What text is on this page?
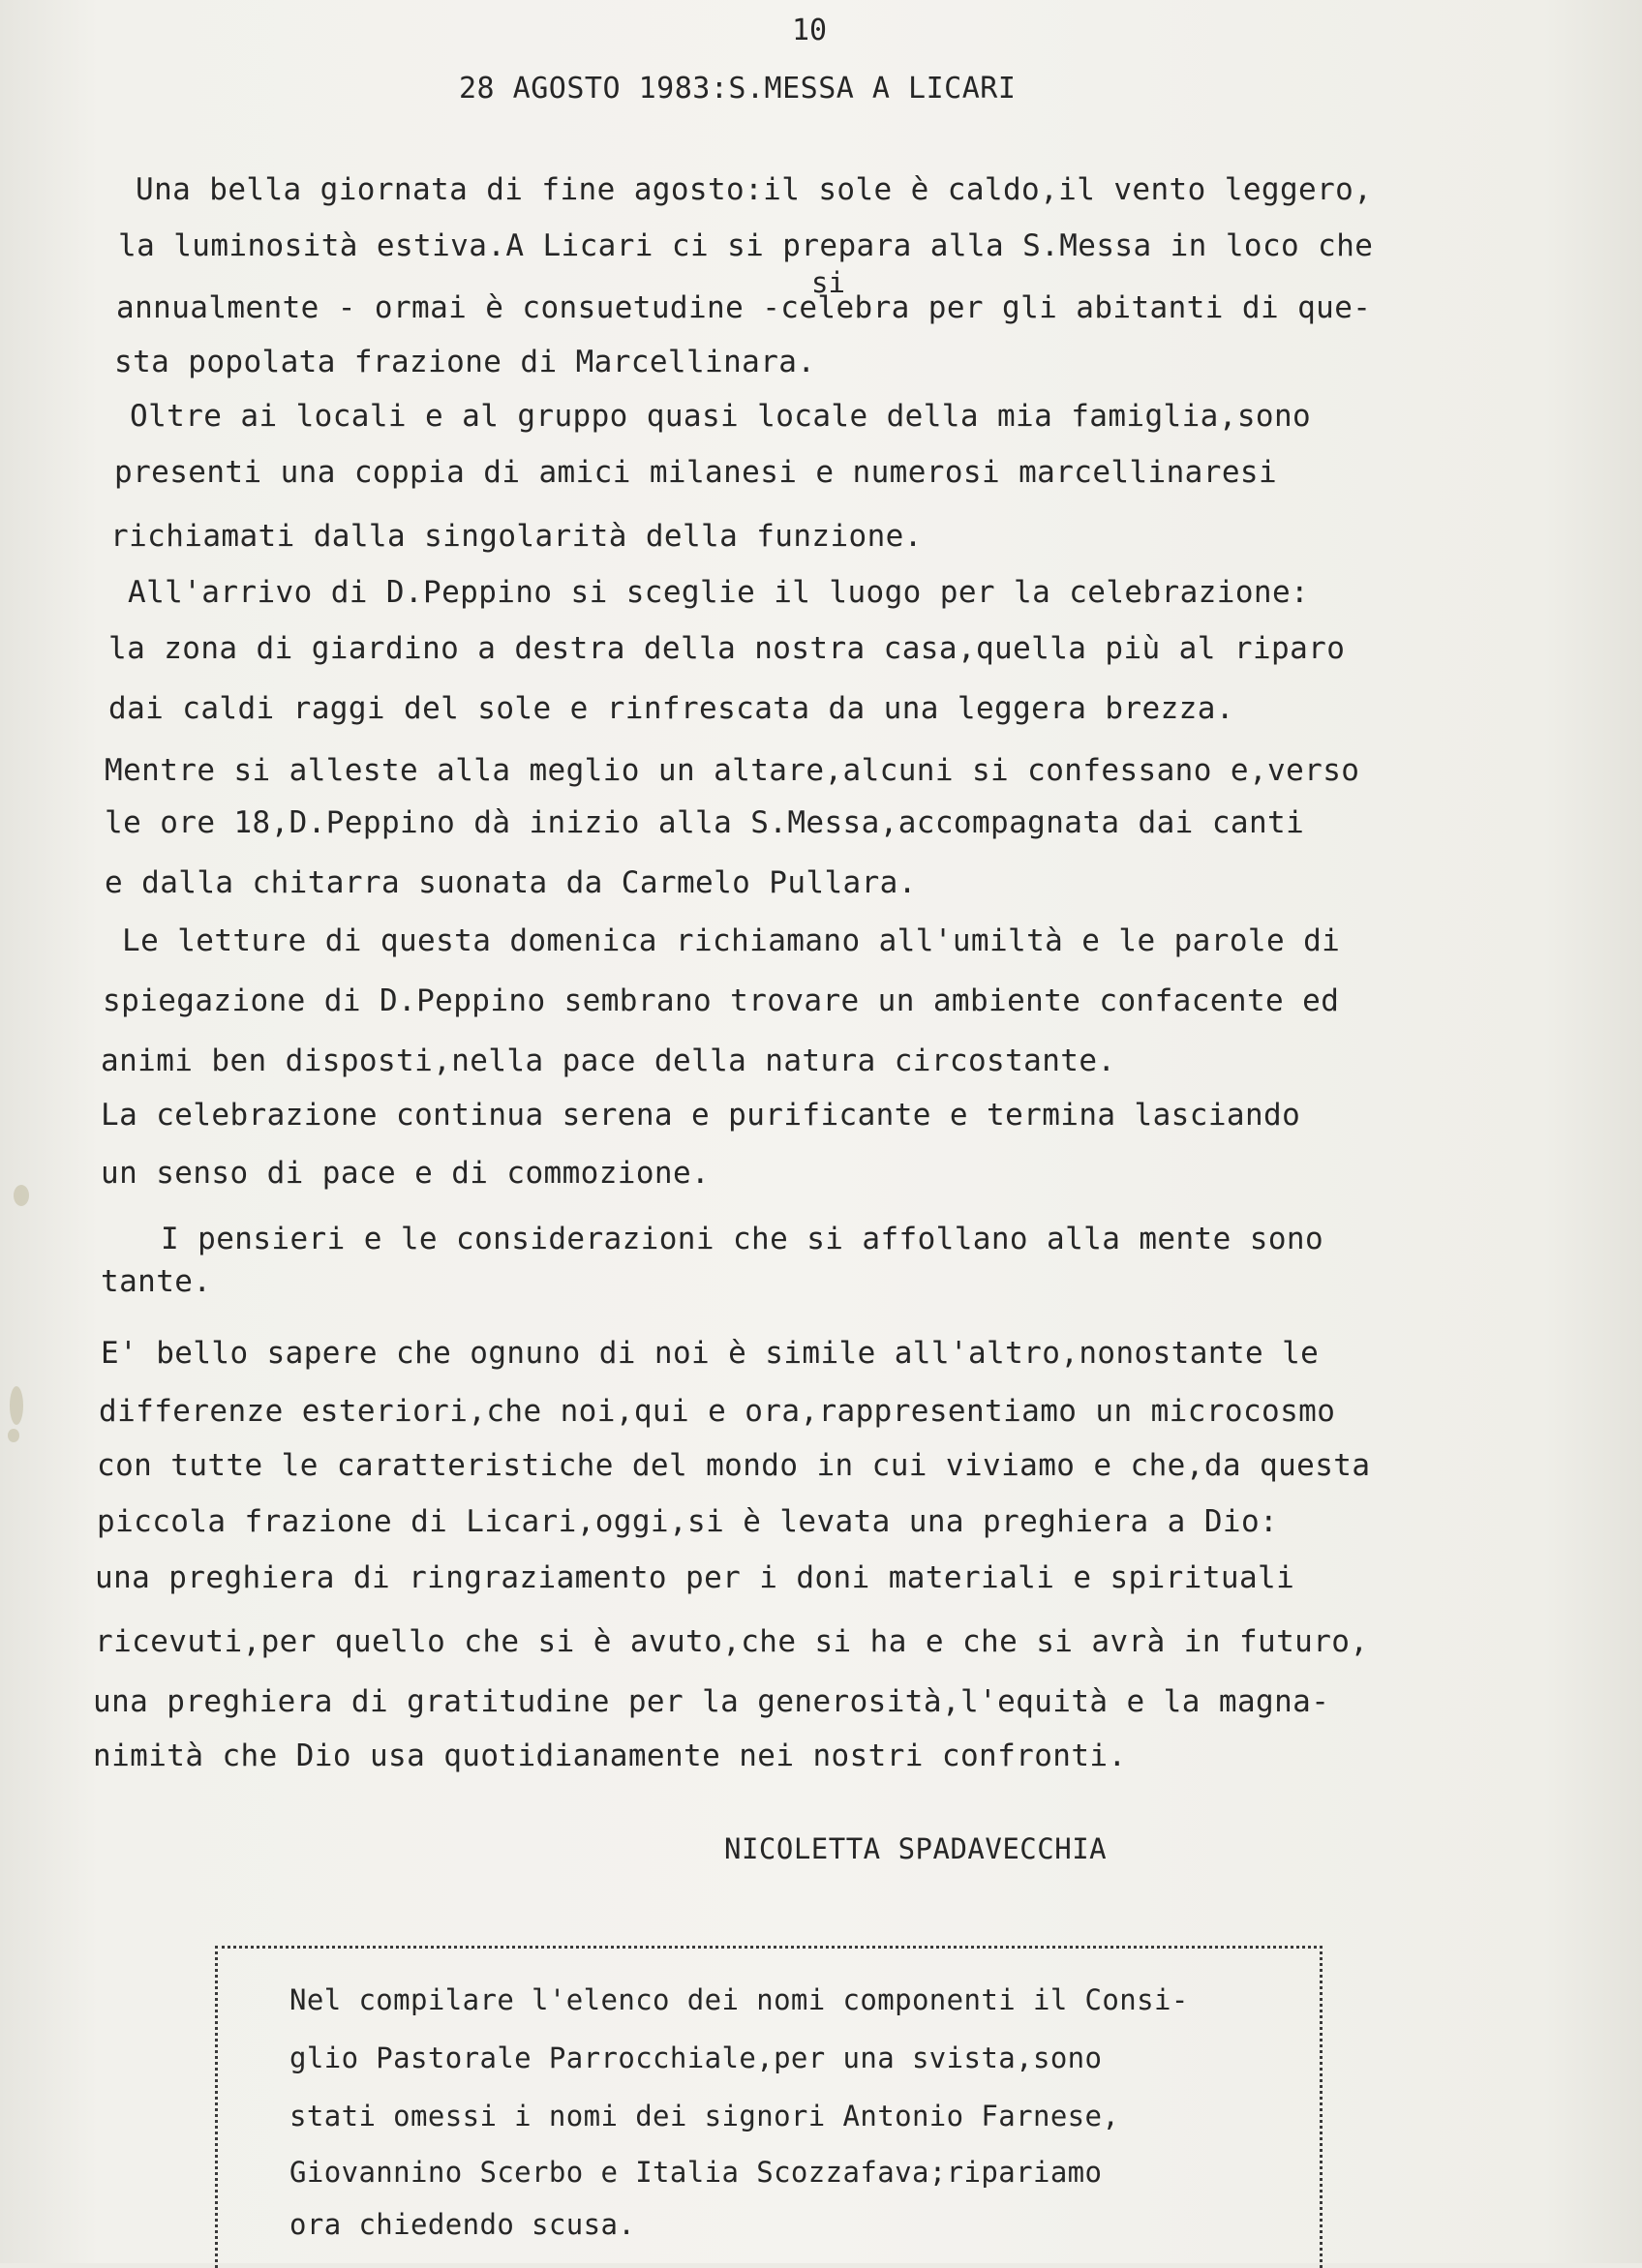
10
28 AGOSTO 1983:S.MESSA A LICARI
si
Una bella giornata di fine agosto:il sole è caldo,il vento leggero,
la luminosità estiva.A Licari ci si prepara alla S.Messa in loco che
annualmente - ormai è consuetudine -celebra per gli abitanti di que-
sta popolata frazione di Marcellinara.
Oltre ai locali e al gruppo quasi locale della mia famiglia,sono
presenti una coppia di amici milanesi e numerosi marcellinaresi
richiamati dalla singolarità della funzione.
All'arrivo di D.Peppino si sceglie il luogo per la celebrazione:
la zona di giardino a destra della nostra casa,quella più al riparo
dai caldi raggi del sole e rinfrescata da una leggera brezza.
Mentre si alleste alla meglio un altare,alcuni si confessano e,verso
le ore 18,D.Peppino dà inizio alla S.Messa,accompagnata dai canti
e dalla chitarra suonata da Carmelo Pullara.
Le letture di questa domenica richiamano all'umiltà e le parole di
spiegazione di D.Peppino sembrano trovare un ambiente confacente ed
animi ben disposti,nella pace della natura circostante.
La celebrazione continua serena e purificante e termina lasciando
un senso di pace e di commozione.
I pensieri e le considerazioni che si affollano alla mente sono
tante.
E' bello sapere che ognuno di noi è simile all'altro,nonostante le
differenze esteriori,che noi,qui e ora,rappresentiamo un microcosmo
con tutte le caratteristiche del mondo in cui viviamo e che,da questa
piccola frazione di Licari,oggi,si è levata una preghiera a Dio:
una preghiera di ringraziamento per i doni materiali e spirituali
ricevuti,per quello che si è avuto,che si ha e che si avrà in futuro,
una preghiera di gratitudine per la generosità,l'equità e la magna-
nimità che Dio usa quotidianamente nei nostri confronti.
NICOLETTA SPADAVECCHIA
Nel compilare l'elenco dei nomi componenti il Consi-
glio Pastorale Parrocchiale,per una svista,sono
stati omessi i nomi dei signori Antonio Farnese,
Giovannino Scerbo e Italia Scozzafava;ripariamo
ora chiedendo scusa.
